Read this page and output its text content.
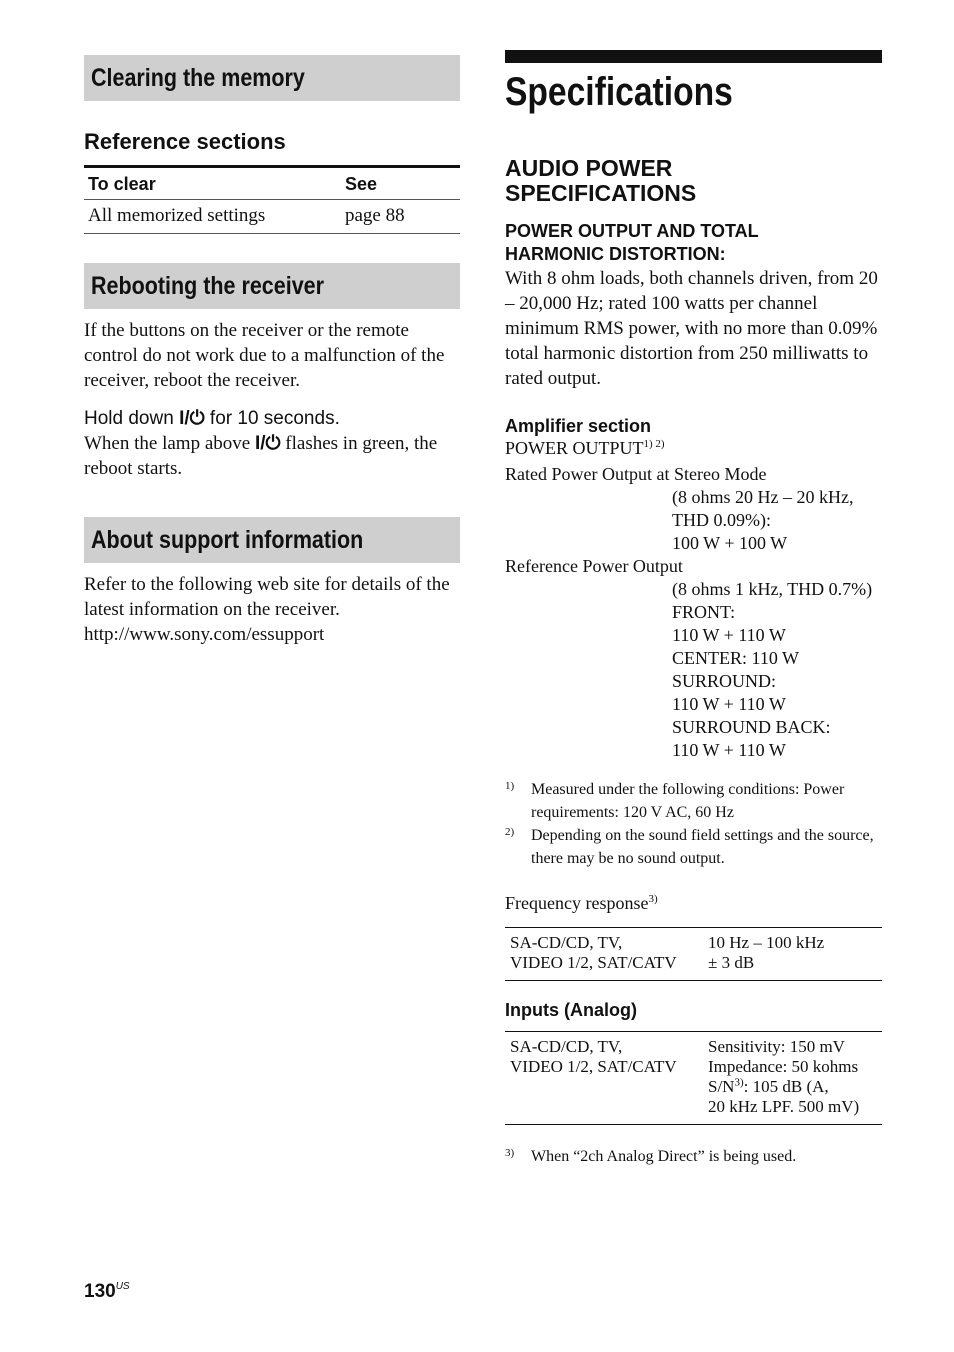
Clearing the memory

Reference sections

To clear	See
All memorized settings	page 88
Rebooting the receiver

If the buttons on the receiver or the remote control do not work due to a malfunction of the receiver, reboot the receiver.

Hold down I/⏻ for 10 seconds.

When the lamp above I/⏻ flashes in green, the reboot starts.

About support information

Refer to the following web site for details of the latest information on the receiver.

http://www.sony.com/essupport

Specifications

AUDIO POWER
SPECIFICATIONS

POWER OUTPUT AND TOTAL
HARMONIC DISTORTION:

With 8 ohm loads, both channels driven, from 20 – 20,000 Hz; rated 100 watts per channel minimum RMS power, with no more than 0.09% total harmonic distortion from 250 milliwatts to rated output.

Amplifier section

POWER $OUTPUT^{1) 2)}$

Rated Power Output at Stereo Mode

(8 ohms 20 Hz – 20 kHz,

THD 0.09%):

100 W + 100 W

Reference Power Output

(8 ohms 1 kHz, THD 0.7%)

FRONT:

110 W + 110 W

CENTER: 110 W

SURROUND:

110 W + 110 W

SURROUND BACK:

110 W + 110 W

1)	Measured under the following conditions: Power requirements: 120 V AC, 60 Hz
2)	Depending on the sound field settings and the source, there may be no sound output.

Frequency response$^{3)}$

SA-CD/CD, TV,
VIDEO 1/2, SAT/CATV	10 Hz – 100 kHz
± 3 dB

Inputs (Analog)

SA-CD/CD, TV,
VIDEO 1/2, SAT/CATV	Sensitivity: 150 mV
Impedance: 50 kohms
$S/N^{3)}$: 105 dB (A,
20 kHz LPF. 500 mV)
3)	When “2ch Analog Direct” is being used.
$130^{US}$
